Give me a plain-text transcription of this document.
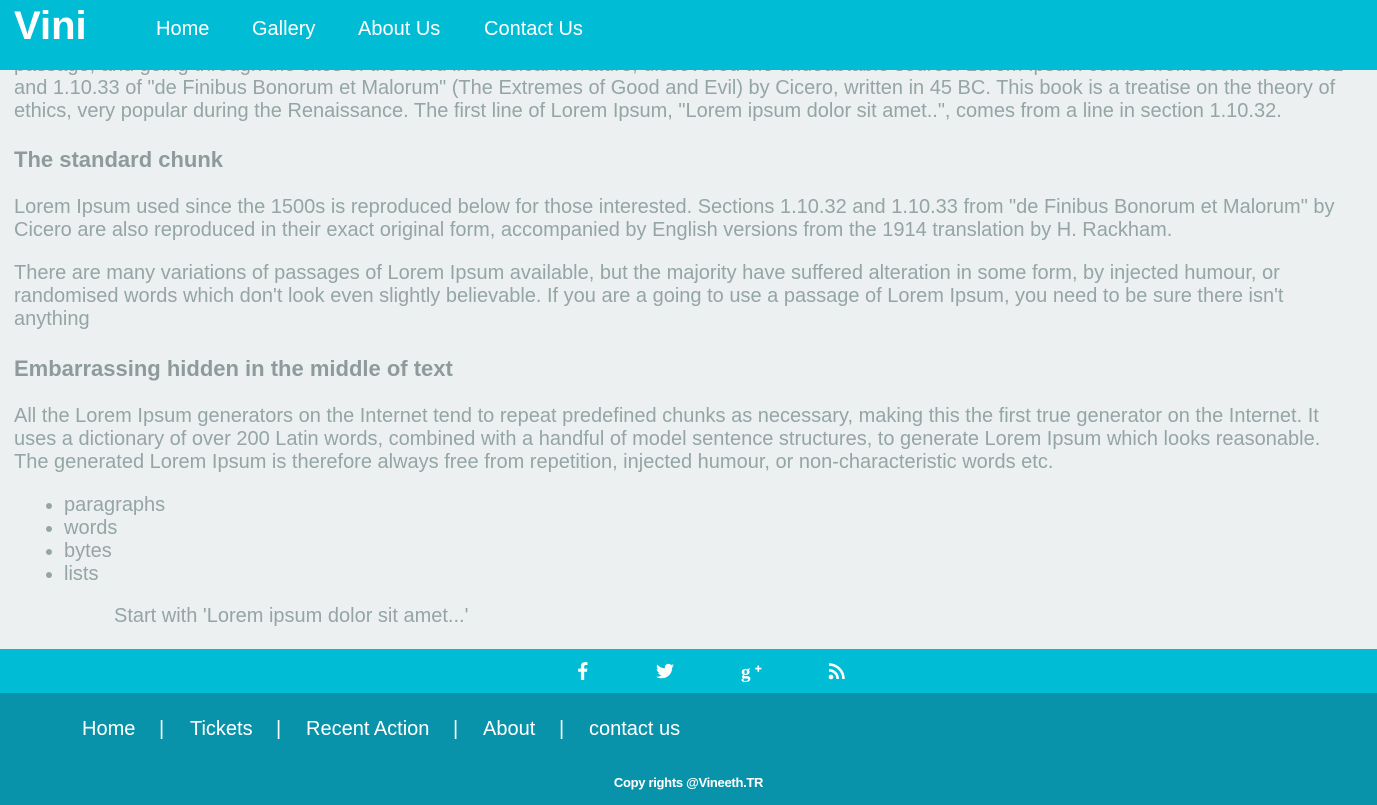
and 1.10.33 of "de Finibus Bonorum et Malorum" (The Extremes of Good and Evil) by Cicero, written in 45 BC. This book is a treatise on the theory of ethics, very popular during the Renaissance. The first line of Lorem Ipsum, "Lorem ipsum dolor sit amet..", comes from a line in section 1.10.32.

The standard chunk

Lorem Ipsum used since the 1500s is reproduced below for those interested. Sections 1.10.32 and 1.10.33 from "de Finibus Bonorum et Malorum" by Cicero are also reproduced in their exact original form, accompanied by English versions from the 1914 translation by H. Rackham.

There are many variations of passages of Lorem Ipsum available, but the majority have suffered alteration in some form, by injected humour, or randomised words which don't look even slightly believable. If you are a going to use a passage of Lorem Ipsum, you need to be sure there isn't anything

Embarrassing hidden in the middle of text

All the Lorem Ipsum generators on the Internet tend to repeat predefined chunks as necessary, making this the first true generator on the Internet. It uses a dictionary of over 200 Latin words, combined with a handful of model sentence structures, to generate Lorem Ipsum which looks reasonable. The generated Lorem Ipsum is therefore always free from repetition, injected humour, or non-characteristic words etc.

• paragraphs
• words
• bytes
• lists

Start with 'Lorem ipsum dolor sit amet...'

Vini	Home Gallery About Us Contact Us
g
Home | Tickets | Recent Action | About | contact us
Copy rights @Vineeth.TR
